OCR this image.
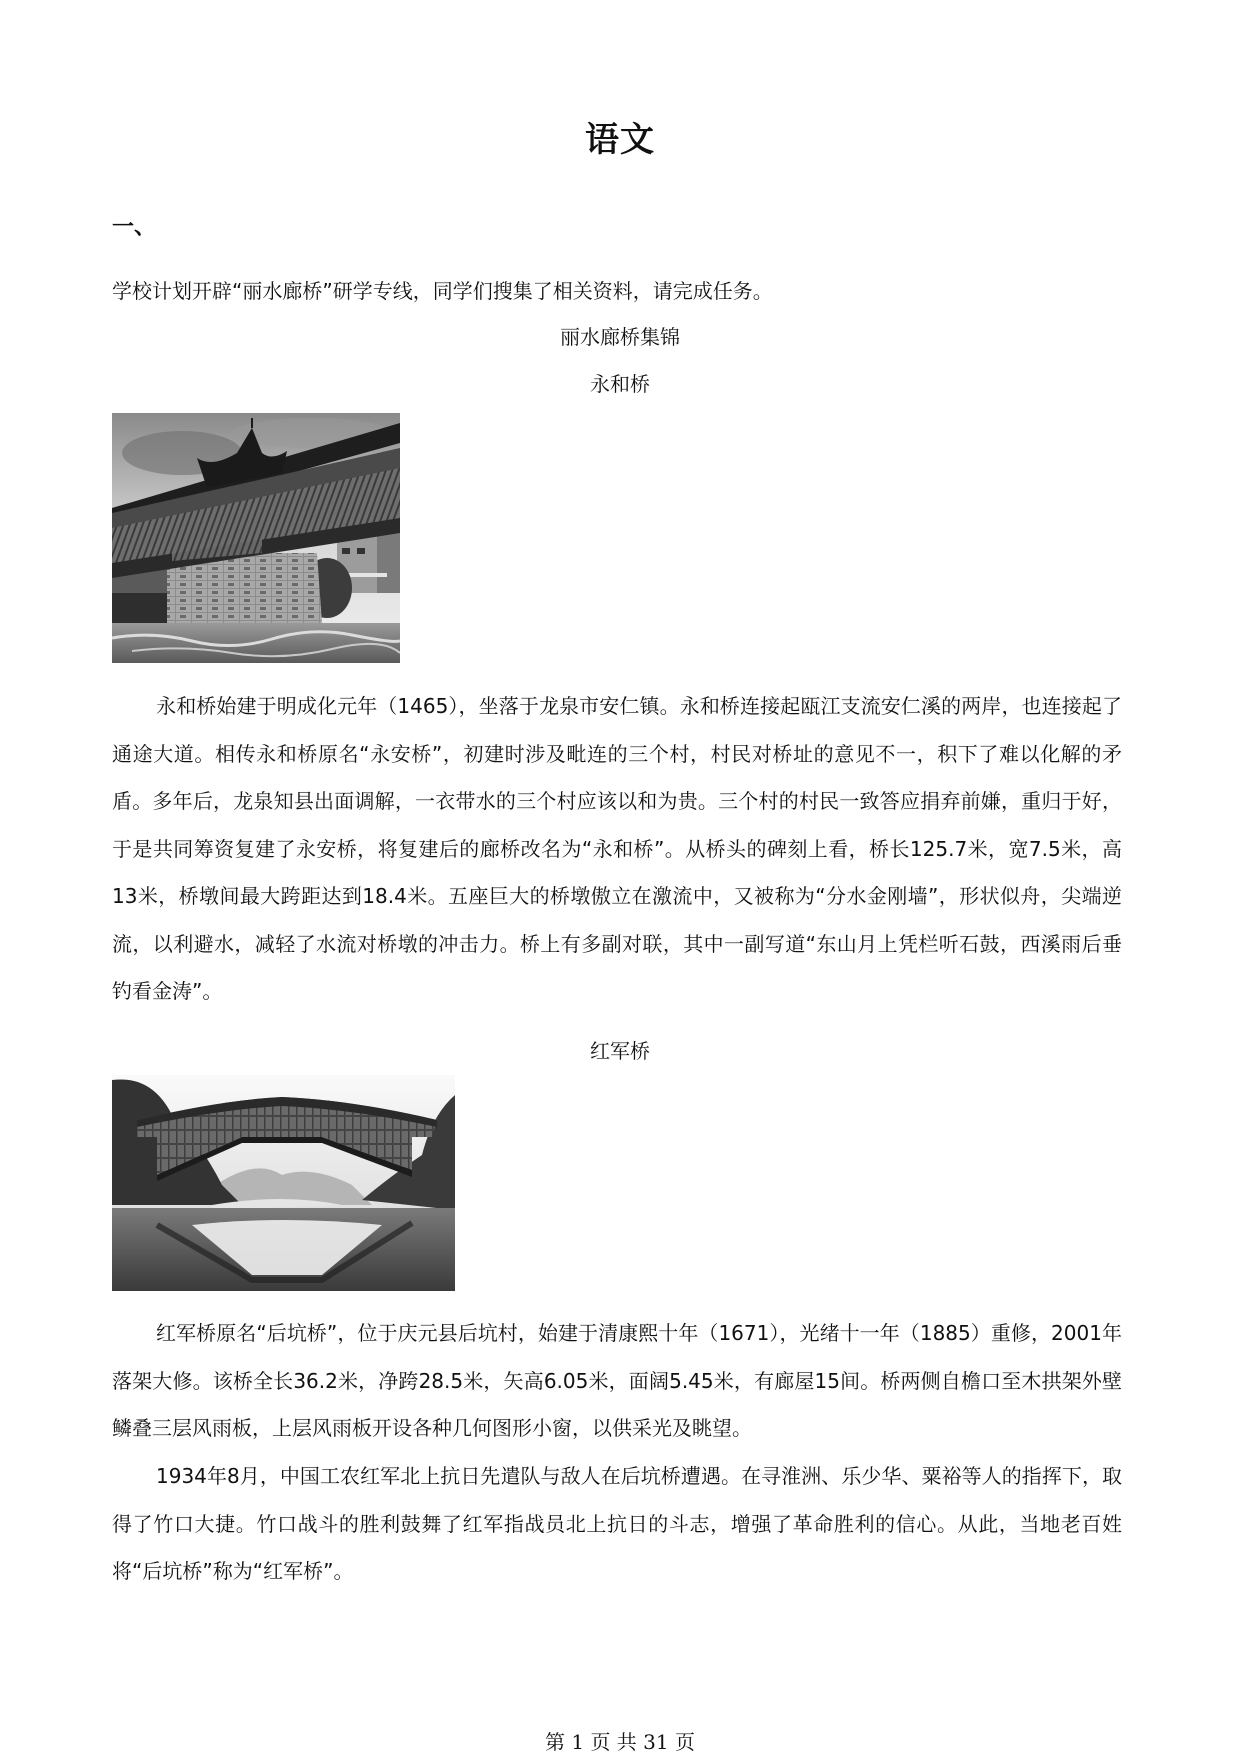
语文
一、
学校计划开辟“丽水廊桥”研学专线，同学们搜集了相关资料，请完成任务。
丽水廊桥集锦
永和桥

永和桥始建于明成化元年（1465），坐落于龙泉市安仁镇。永和桥连接起瓯江支流安仁溪的两岸，也连接起了通途大道。相传永和桥原名“永安桥”，初建时涉及毗连的三个村，村民对桥址的意见不一，积下了难以化解的矛盾。多年后，龙泉知县出面调解，一衣带水的三个村应该以和为贵。三个村的村民一致答应捐弃前嫌，重归于好，于是共同筹资复建了永安桥，将复建后的廊桥改名为“永和桥”。从桥头的碑刻上看，桥长125.7米，宽7.5米，高13米，桥墩间最大跨距达到18.4米。五座巨大的桥墩傲立在激流中，又被称为“分水金刚墙”，形状似舟，尖端逆流，以利避水，减轻了水流对桥墩的冲击力。桥上有多副对联，其中一副写道“东山月上凭栏听石鼓，西溪雨后垂钓看金涛”。

红军桥

红军桥原名“后坑桥”，位于庆元县后坑村，始建于清康熙十年（1671），光绪十一年（1885）重修，2001年落架大修。该桥全长36.2米，净跨28.5米，矢高6.05米，面阔5.45米，有廊屋15间。桥两侧自檐口至木拱架外壁鳞叠三层风雨板，上层风雨板开设各种几何图形小窗，以供采光及眺望。

1934年8月，中国工农红军北上抗日先遣队与敌人在后坑桥遭遇。在寻淮洲、乐少华、粟裕等人的指挥下，取得了竹口大捷。竹口战斗的胜利鼓舞了红军指战员北上抗日的斗志，增强了革命胜利的信心。从此，当地老百姓将“后坑桥”称为“红军桥”。

第 1 页 共 31 页
